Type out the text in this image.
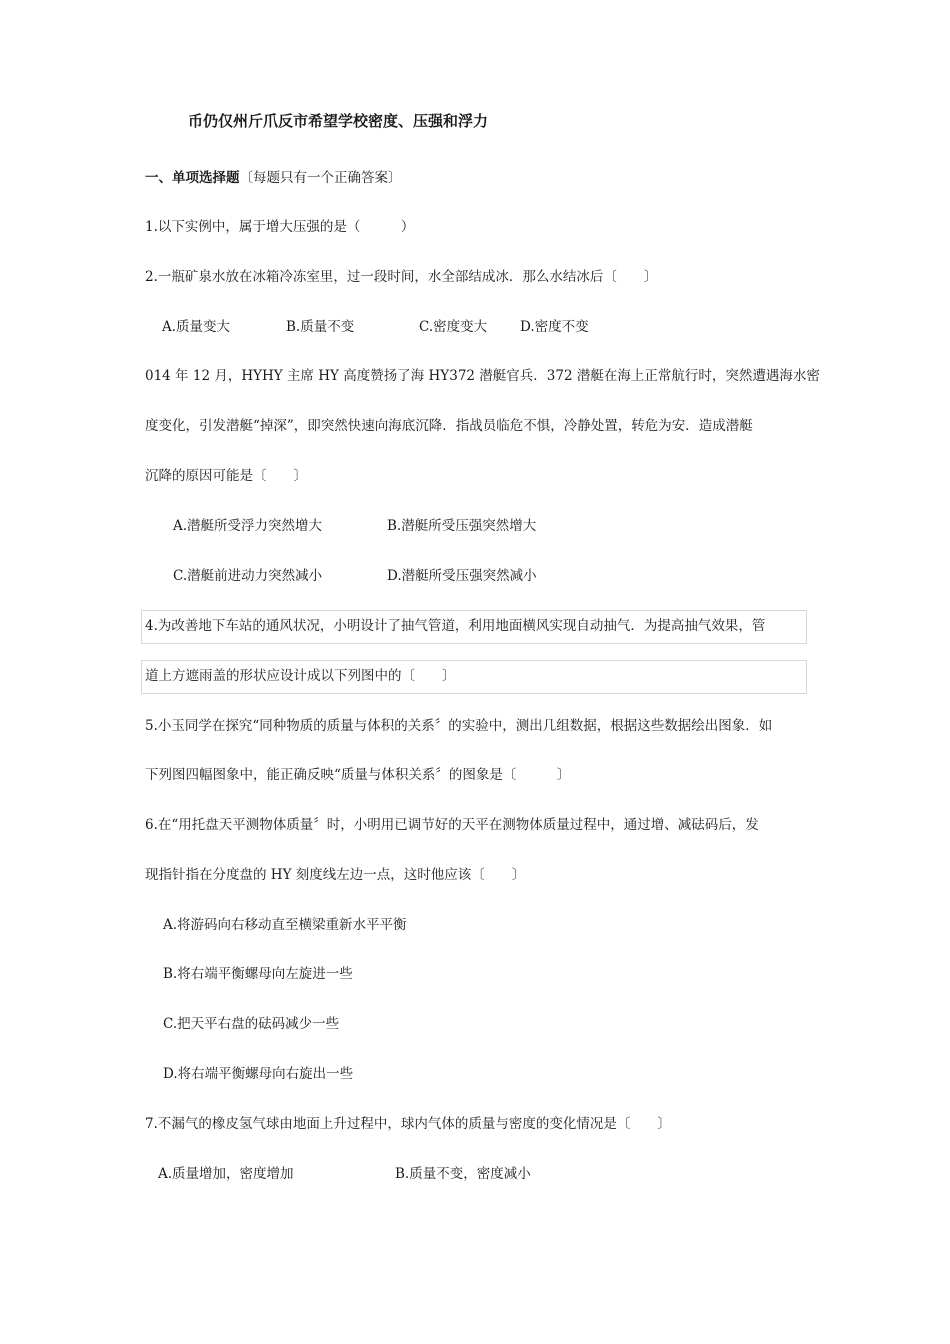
币仍仅州斤爪反市希望学校密度、压强和浮力
一、单项选择题〔每题只有一个正确答案〕
1.以下实例中，属于增大压强的是（　　　）
2.一瓶矿泉水放在冰箱冷冻室里，过一段时间，水全部结成冰．那么水结冰后〔　　〕
A.质量变大	B.质量不变	C.密度变大 D.密度不变
014 年 12 月，HYHY 主席 HY 高度赞扬了海 HY372 潜艇官兵．372 潜艇在海上正常航行时，突然遭遇海水密
度变化，引发潜艇“掉深”，即突然快速向海底沉降．指战员临危不惧，冷静处置，转危为安．造成潜艇
沉降的原因可能是〔　　〕
A.潜艇所受浮力突然增大	B.潜艇所受压强突然增大
C.潜艇前进动力突然减小	D.潜艇所受压强突然减小
4.为改善地下车站的通风状况，小明设计了抽气管道，利用地面横风实现自动抽气．为提高抽气效果，管
道上方遮雨盖的形状应设计成以下列图中的〔　　〕
5.小玉同学在探究“同种物质的质量与体积的关系〞的实验中，测出几组数据，根据这些数据绘出图象．如
下列图四幅图象中，能正确反映“质量与体积关系〞的图象是〔　　　〕
6.在“用托盘天平测物体质量〞时，小明用已调节好的天平在测物体质量过程中，通过增、减砝码后，发
现指针指在分度盘的 HY 刻度线左边一点，这时他应该〔　　〕
A.将游码向右移动直至横梁重新水平平衡
B.将右端平衡螺母向左旋进一些
C.把天平右盘的砝码减少一些
D.将右端平衡螺母向右旋出一些
7.不漏气的橡皮氢气球由地面上升过程中，球内气体的质量与密度的变化情况是〔　　〕
A.质量增加，密度增加	B.质量不变，密度减小
